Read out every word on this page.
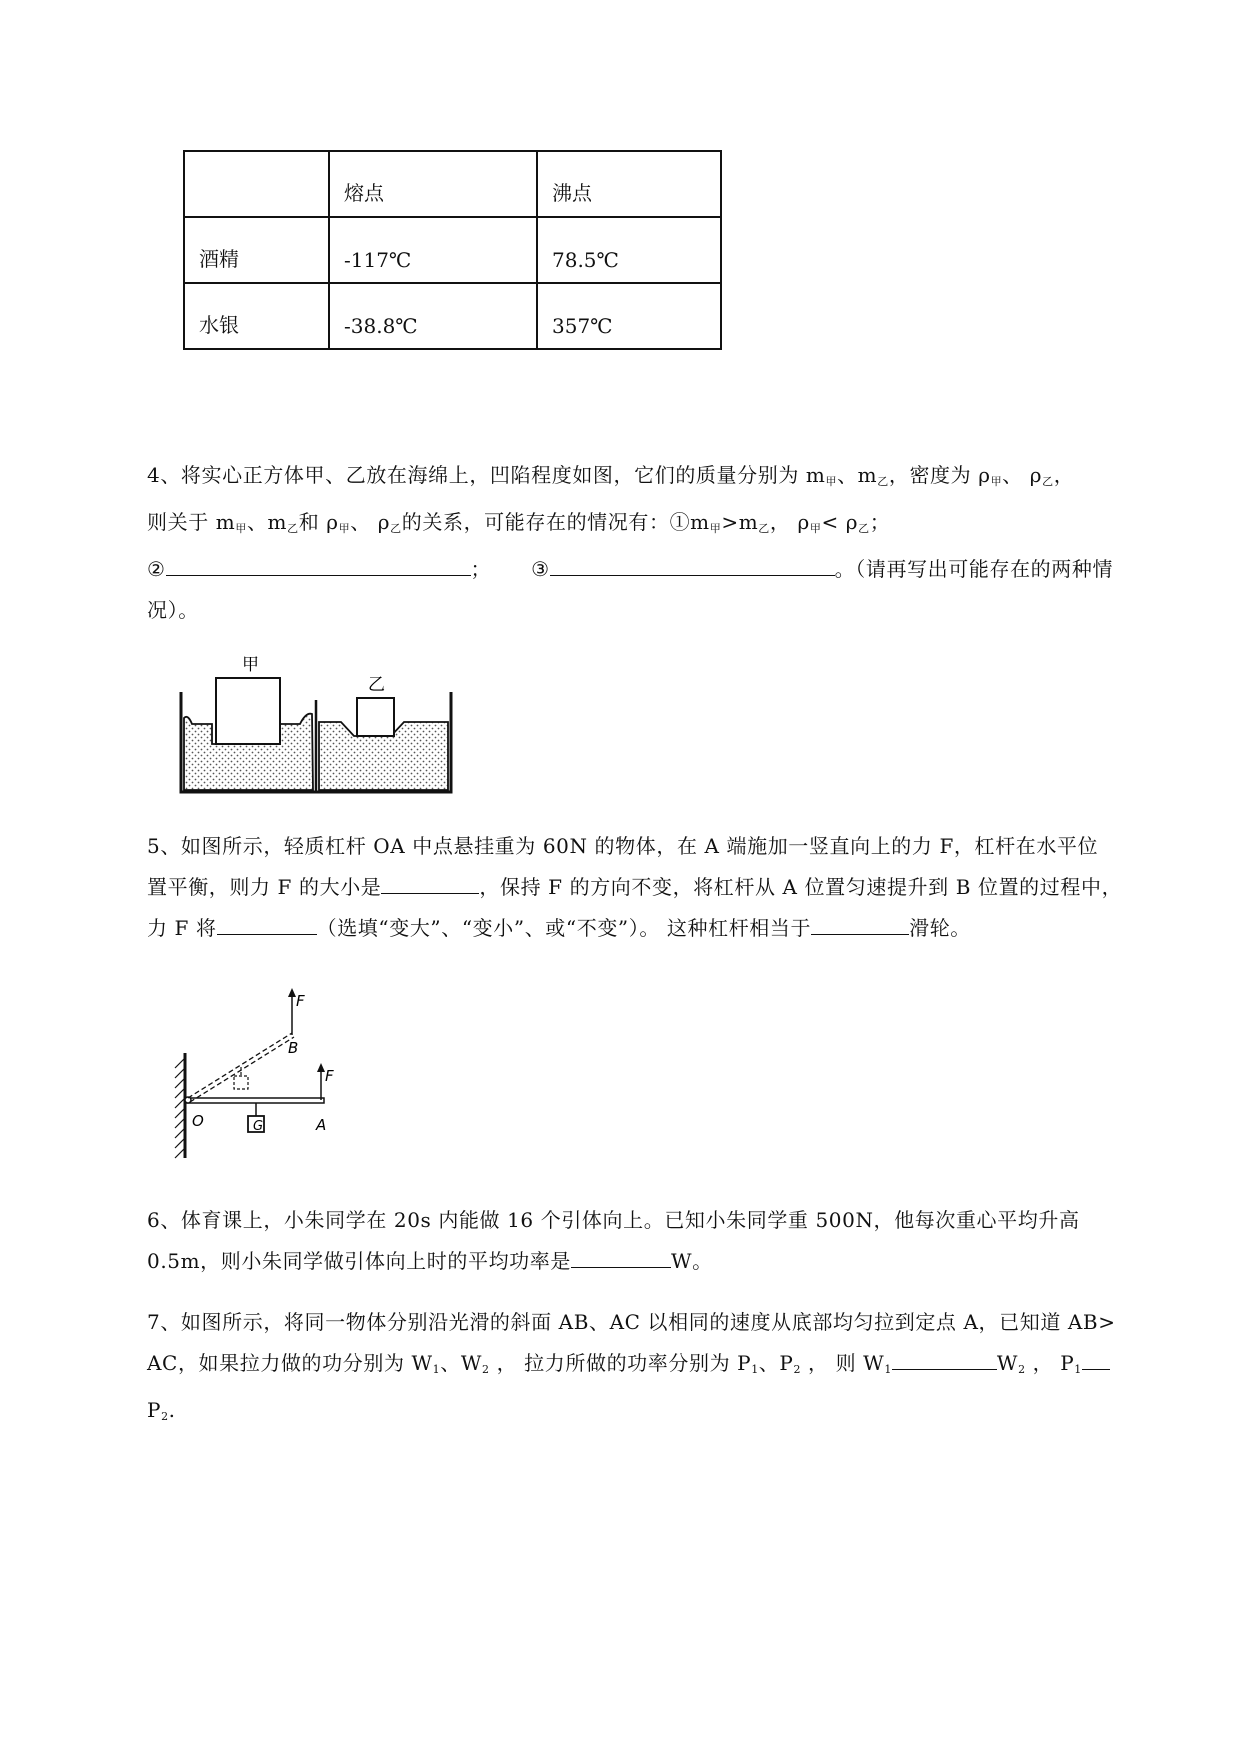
	熔点	沸点
酒精	-117℃	78.5℃
水银	-38.8℃	357℃
4、将实心正方体甲、乙放在海绵上，凹陷程度如图，它们的质量分别为 $m_甲$、$m_乙$，密度为 $\rho_甲$、 $\rho_乙$，
则关于 $m_甲$、$m_乙$和 $\rho_甲$、 $\rho_乙$的关系，可能存在的情况有：$①m_甲>m_乙$， $\rho_甲< \rho_乙$；
②	； ③	。（请再写出可能存在的两种情
况）。
甲
乙
5、如图所示，轻质杠杆 OA 中点悬挂重为 60N 的物体，在 A 端施加一竖直向上的力 F，杠杆在水平位
置平衡，则力 F 的大小是	，保持 F 的方向不变，将杠杆从 A 位置匀速提升到 B 位置的过程中，
力 F 将	（选填“变大”、“变小”、或“不变”）。 这种杠杆相当于	滑轮。
G
F
B
F
O	A
6、体育课上，小朱同学在 20s 内能做 16 个引体向上。已知小朱同学重 500N，他每次重心平均升高
0.5m，则小朱同学做引体向上时的平均功率是	W。
7、如图所示，将同一物体分别沿光滑的斜面 AB、AC 以相同的速度从底部均匀拉到定点 A，已知道 AB>
AC，如果拉力做的功分别为 $W_1$、$W_2$ ， 拉力所做的功率分别为 $P_1$、$P_2$ ， 则 $W_1$	$W_2$ ， $P_1$
$P_2$.
